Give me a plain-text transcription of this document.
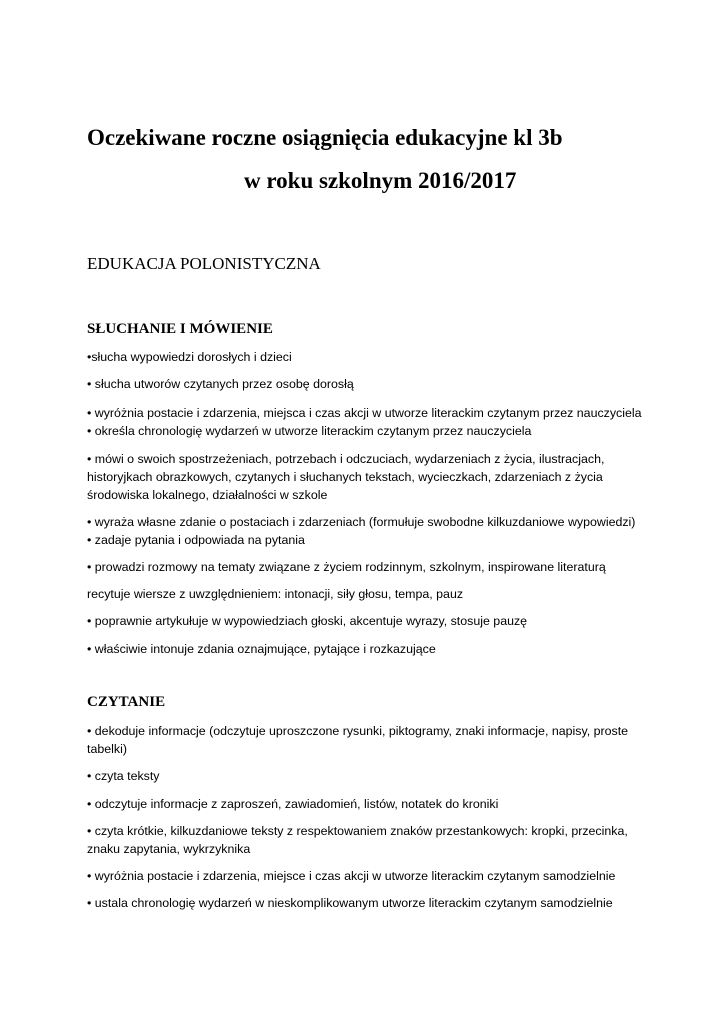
Oczekiwane roczne osiągnięcia edukacyjne kl 3b
w roku szkolnym 2016/2017
EDUKACJA POLONISTYCZNA
SŁUCHANIE I MÓWIENIE
•słucha wypowiedzi dorosłych i dzieci
• słucha utworów czytanych przez osobę dorosłą
• wyróżnia postacie i zdarzenia, miejsca i czas akcji w utworze literackim czytanym przez nauczyciela
• określa chronologię wydarzeń w utworze literackim czytanym przez nauczyciela
• mówi o swoich spostrzeżeniach, potrzebach i odczuciach, wydarzeniach z życia, ilustracjach,
historyjkach obrazkowych, czytanych i słuchanych tekstach, wycieczkach, zdarzeniach z życia
środowiska lokalnego, działalności w szkole
• wyraża własne zdanie o postaciach i zdarzeniach (formułuje swobodne kilkuzdaniowe wypowiedzi)
• zadaje pytania i odpowiada na pytania
• prowadzi rozmowy na tematy związane z życiem rodzinnym, szkolnym, inspirowane literaturą
recytuje wiersze z uwzględnieniem: intonacji, siły głosu, tempa, pauz
• poprawnie artykułuje w wypowiedziach głoski, akcentuje wyrazy, stosuje pauzę
• właściwie intonuje zdania oznajmujące, pytające i rozkazujące
CZYTANIE
• dekoduje informacje (odczytuje uproszczone rysunki, piktogramy, znaki informacje, napisy, proste
tabelki)
• czyta teksty
• odczytuje informacje z zaproszeń, zawiadomień, listów, notatek do kroniki
• czyta krótkie, kilkuzdaniowe teksty z respektowaniem znaków przestankowych: kropki, przecinka,
znaku zapytania, wykrzyknika
• wyróżnia postacie i zdarzenia, miejsce i czas akcji w utworze literackim czytanym samodzielnie
• ustala chronologię wydarzeń w nieskomplikowanym utworze literackim czytanym samodzielnie
